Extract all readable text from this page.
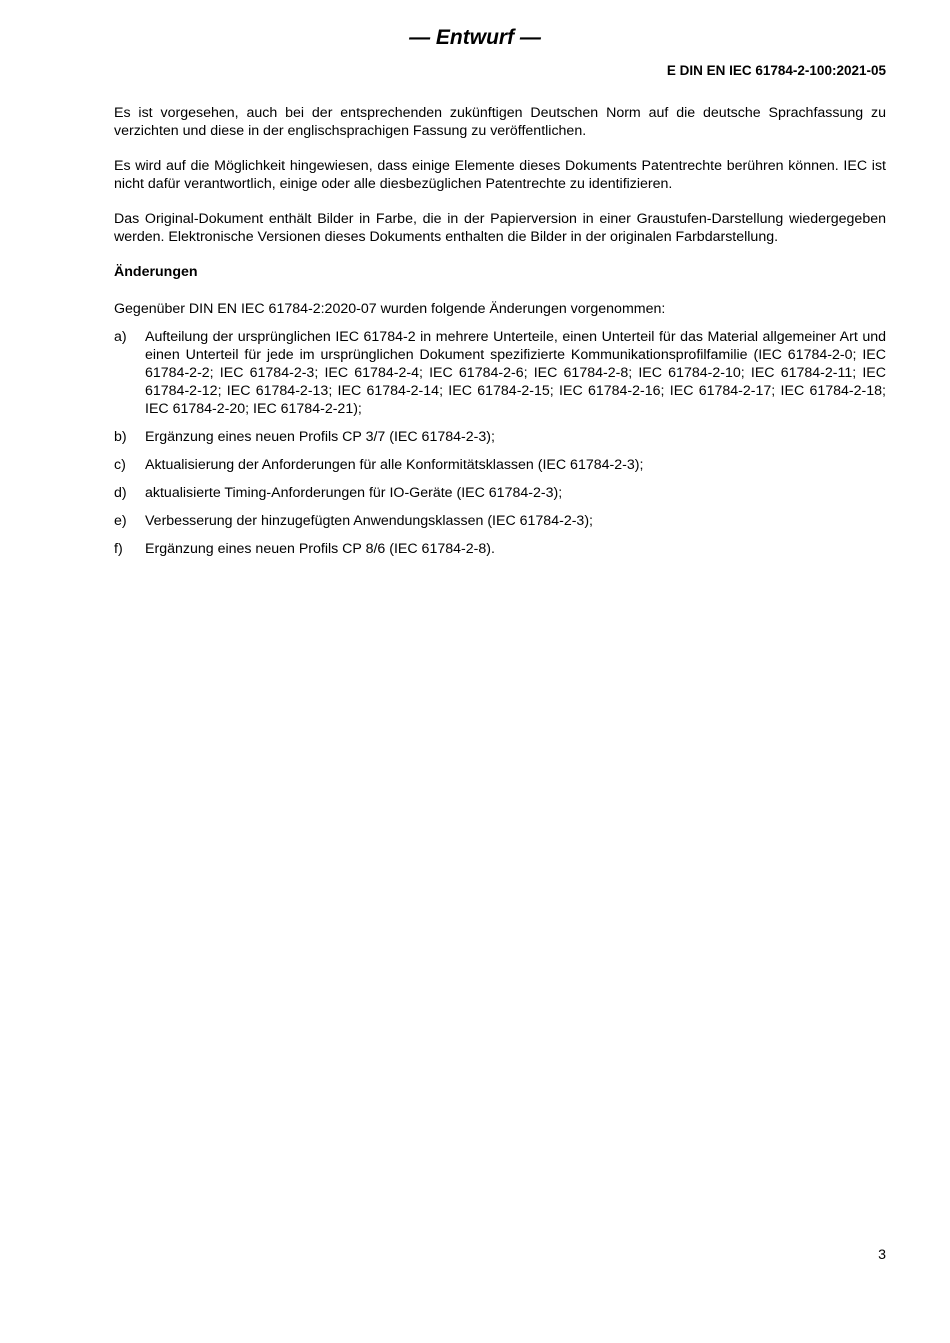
— Entwurf —
E DIN EN IEC 61784-2-100:2021-05

Es ist vorgesehen, auch bei der entsprechenden zukünftigen Deutschen Norm auf die deutsche Sprachfassung zu verzichten und diese in der englischsprachigen Fassung zu veröffentlichen.

Es wird auf die Möglichkeit hingewiesen, dass einige Elemente dieses Dokuments Patentrechte berühren können. IEC ist nicht dafür verantwortlich, einige oder alle diesbezüglichen Patentrechte zu identifizieren.

Das Original-Dokument enthält Bilder in Farbe, die in der Papierversion in einer Graustufen-Darstellung wiedergegeben werden. Elektronische Versionen dieses Dokuments enthalten die Bilder in der originalen Farbdarstellung.

Änderungen

Gegenüber DIN EN IEC 61784-2:2020-07 wurden folgende Änderungen vorgenommen:

a)	Aufteilung der ursprünglichen IEC 61784-2 in mehrere Unterteile, einen Unterteil für das Material allgemeiner Art und einen Unterteil für jede im ursprünglichen Dokument spezifizierte Kommunikationsprofilfamilie (IEC 61784-2-0; IEC 61784-2-2; IEC 61784-2-3; IEC 61784-2-4; IEC 61784-2-6; IEC 61784-2-8; IEC 61784-2-10; IEC 61784-2-11; IEC 61784-2-12; IEC 61784-2-13; IEC 61784-2-14; IEC 61784-2-15; IEC 61784-2-16; IEC 61784-2-17; IEC 61784-2-18; IEC 61784-2-20; IEC 61784-2-21);
b)	Ergänzung eines neuen Profils CP 3/7 (IEC 61784-2-3);
c)	Aktualisierung der Anforderungen für alle Konformitätsklassen (IEC 61784-2-3);
d)	aktualisierte Timing-Anforderungen für IO-Geräte (IEC 61784-2-3);
e)	Verbesserung der hinzugefügten Anwendungsklassen (IEC 61784-2-3);
f)	Ergänzung eines neuen Profils CP 8/6 (IEC 61784-2-8).
3
